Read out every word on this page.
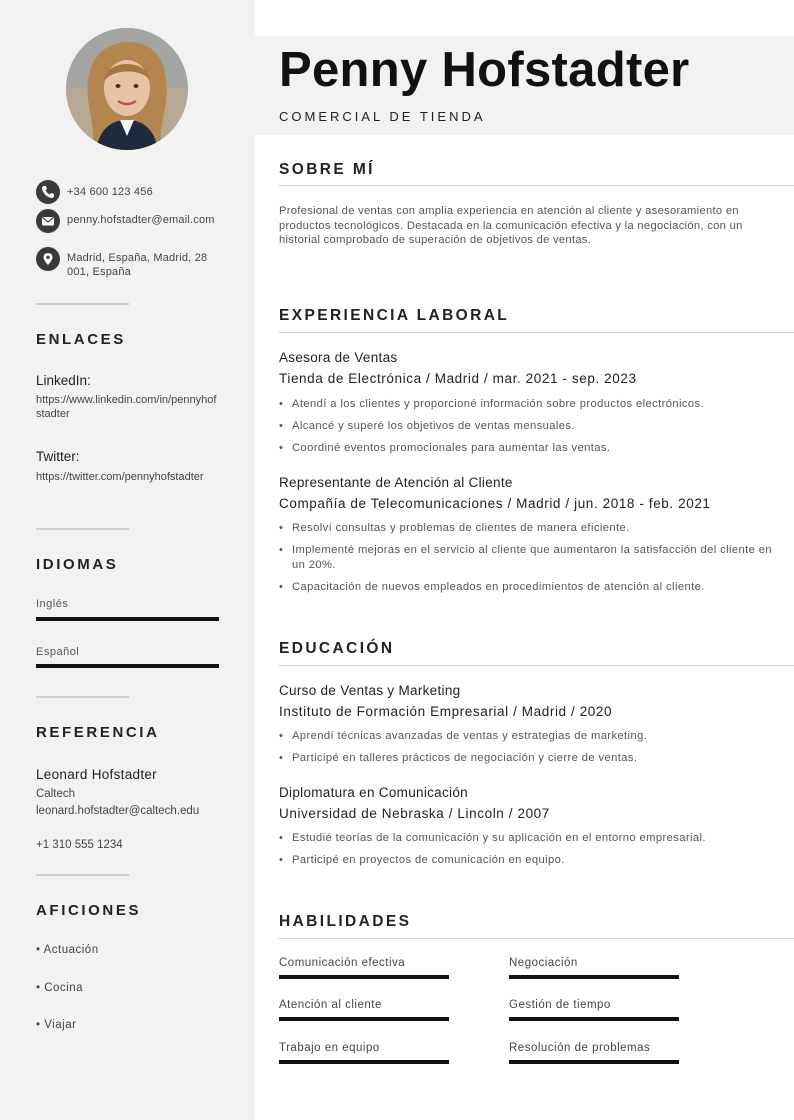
+34 600 123 456
penny.hofstadter@email.com
Madrid, España, Madrid, 28001, España
ENLACES
LinkedIn:
https://www.linkedin.com/in/pennyhofstadter
Twitter:
https://twitter.com/pennyhofstadter
IDIOMAS
Inglés
Español
REFERENCIA
Leonard Hofstadter
Caltech
leonard.hofstadter@caltech.edu
+1 310 555 1234
AFICIONES
• Actuación
• Cocina
• Viajar
Penny Hofstadter
COMERCIAL DE TIENDA
SOBRE MÍ
Profesional de ventas con amplia experiencia en atención al cliente y asesoramiento en productos tecnológicos. Destacada en la comunicación efectiva y la negociación, con un historial comprobado de superación de objetivos de ventas.
EXPERIENCIA LABORAL
Asesora de Ventas
Tienda de Electrónica / Madrid / mar. 2021 - sep. 2023
• Atendí a los clientes y proporcioné información sobre productos electrónicos.
• Alcancé y superé los objetivos de ventas mensuales.
• Coordiné eventos promocionales para aumentar las ventas.
Representante de Atención al Cliente
Compañía de Telecomunicaciones / Madrid / jun. 2018 - feb. 2021
• Resolví consultas y problemas de clientes de manera eficiente.
• Implementé mejoras en el servicio al cliente que aumentaron la satisfacción del cliente en un 20%.
• Capacitación de nuevos empleados en procedimientos de atención al cliente.
EDUCACIÓN
Curso de Ventas y Marketing
Instituto de Formación Empresarial / Madrid / 2020
• Aprendí técnicas avanzadas de ventas y estrategias de marketing.
• Participé en talleres prácticos de negociación y cierre de ventas.
Diplomatura en Comunicación
Universidad de Nebraska / Lincoln / 2007
• Estudié teorías de la comunicación y su aplicación en el entorno empresarial.
• Participé en proyectos de comunicación en equipo.
HABILIDADES
Comunicación efectiva	Negociación
Atención al cliente	Gestión de tiempo
Trabajo en equipo	Resolución de problemas
